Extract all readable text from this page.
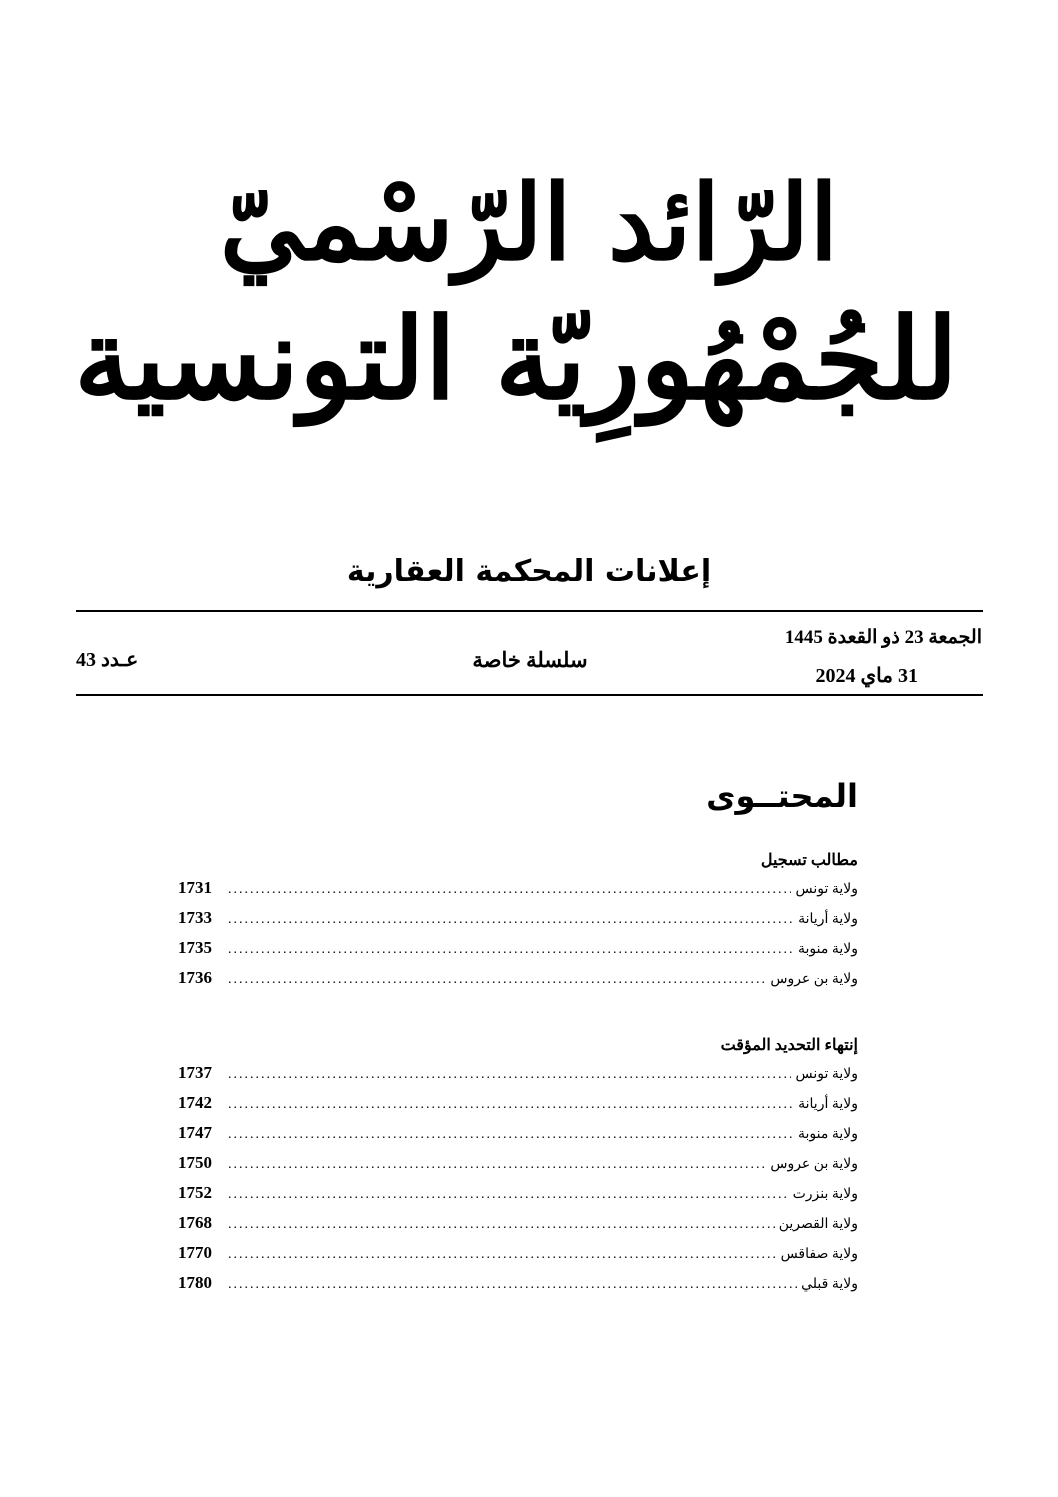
الرّائد الرّسْميّ
للجُمْهُورِيّة التونسية
إعلانات المحكمة العقارية
الجمعة 23 ذو القعدة 1445
31 ماي 2024
سلسلة خاصة
عـدد 43
المحتــوى
مطالب تسجيل
ولاية تونس
.....
1731
ولاية أريانة
.....
1733
ولاية منوبة
.....
1735
ولاية بن عروس
.....
1736
إنتهاء التحديد المؤقت
ولاية تونس
.....
1737
ولاية أريانة
.....
1742
ولاية منوبة
.....
1747
ولاية بن عروس
.....
1750
ولاية بنزرت
.....
1752
ولاية القصرين
.....
1768
ولاية صفاقس
.....
1770
ولاية قبلي
.....
1780
